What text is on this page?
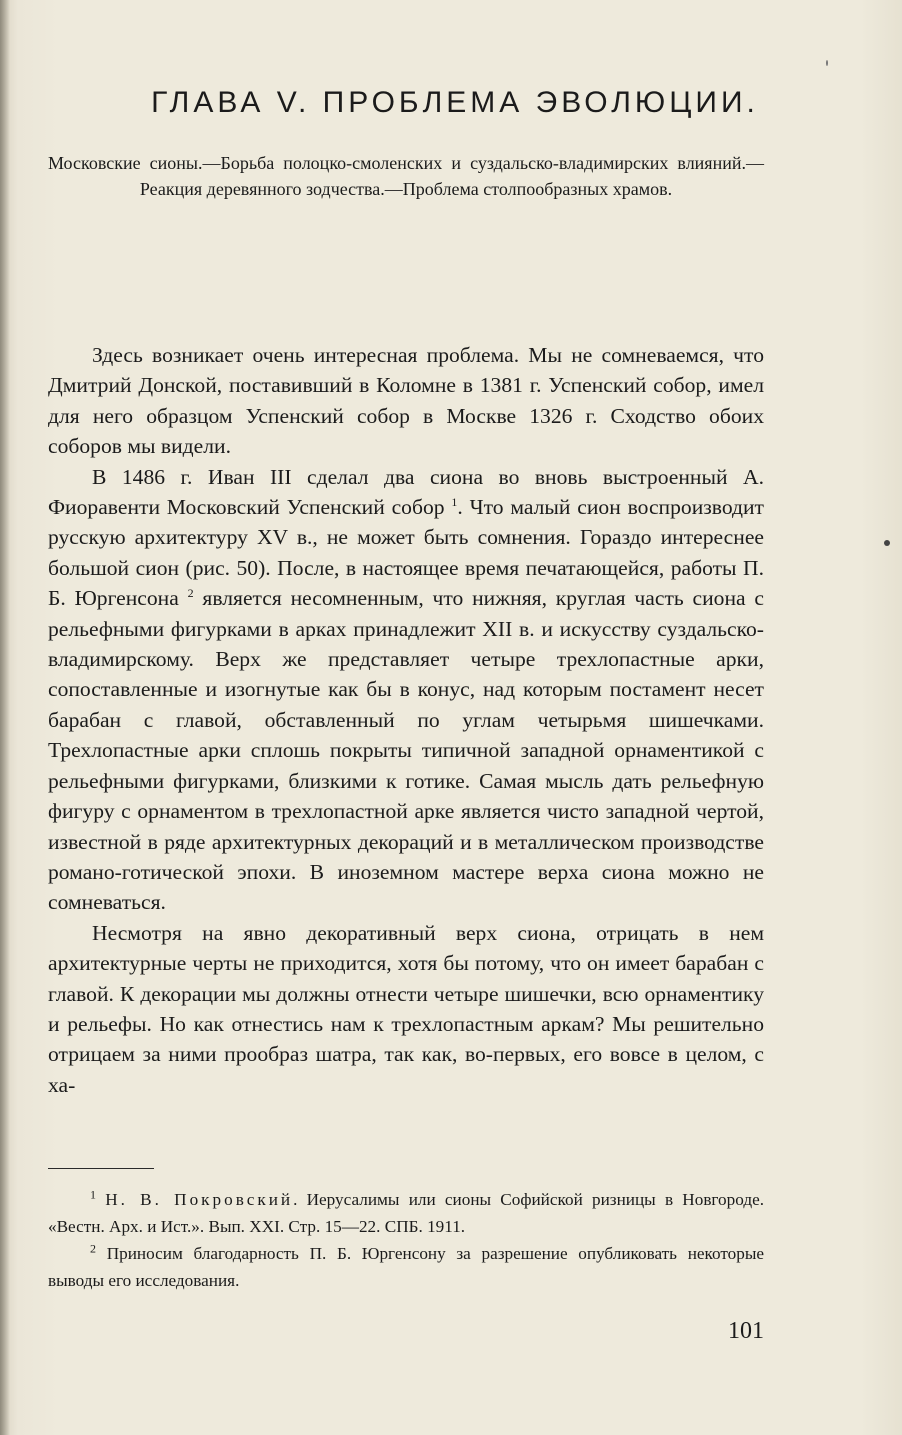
ГЛАВА V. ПРОБЛЕМА ЭВОЛЮЦИИ.

Московские сионы.—Борьба полоцко-смоленских и суздальско-владимирских влияний.—Реакция деревянного зодчества.—Проблема столпообразных храмов.

Здесь возникает очень интересная проблема. Мы не сомневаемся, что Дмитрий Донской, поставивший в Коломне в 1381 г. Успенский собор, имел для него образцом Успенский собор в Москве 1326 г. Сходство обоих соборов мы видели.

В 1486 г. Иван III сделал два сиона во вновь выстроенный А. Фиоравенти Московский Успенский собор $^1$. Что малый сион воспроизводит русскую архитектуру XV в., не может быть сомнения. Гораздо интереснее большой сион (рис. 50). После, в настоящее время печатающейся, работы П. Б. Юргенсона $^2$ является несомненным, что нижняя, круглая часть сиона с рельефными фигурками в арках принадлежит XII в. и искусству суздальско-владимирскому. Верх же представляет четыре трехлопастные арки, сопоставленные и изогнутые как бы в конус, над которым постамент несет барабан с главой, обставленный по углам четырьмя шишечками. Трехлопастные арки сплошь покрыты типичной западной орнаментикой с рельефными фигурками, близкими к готике. Самая мысль дать рельефную фигуру с орнаментом в трехлопастной арке является чисто западной чертой, известной в ряде архитектурных декораций и в металлическом производстве романо-готической эпохи. В иноземном мастере верха сиона можно не сомневаться.

Несмотря на явно декоративный верх сиона, отрицать в нем архитектурные черты не приходится, хотя бы потому, что он имеет барабан с главой. К декорации мы должны отнести четыре шишечки, всю орнаментику и рельефы. Но как отнестись нам к трехлопастным аркам? Мы решительно отрицаем за ними прообраз шатра, так как, во-первых, его вовсе в целом, с ха-

$^1$ Н. В. Покровский. Иерусалимы или сионы Софийской ризницы в Новгороде. «Вестн. Арх. и Ист.». Вып. XXI. Стр. 15—22. СПБ. 1911.

$^2$ Приносим благодарность П. Б. Юргенсону за разрешение опубликовать некоторые выводы его исследования.

101
